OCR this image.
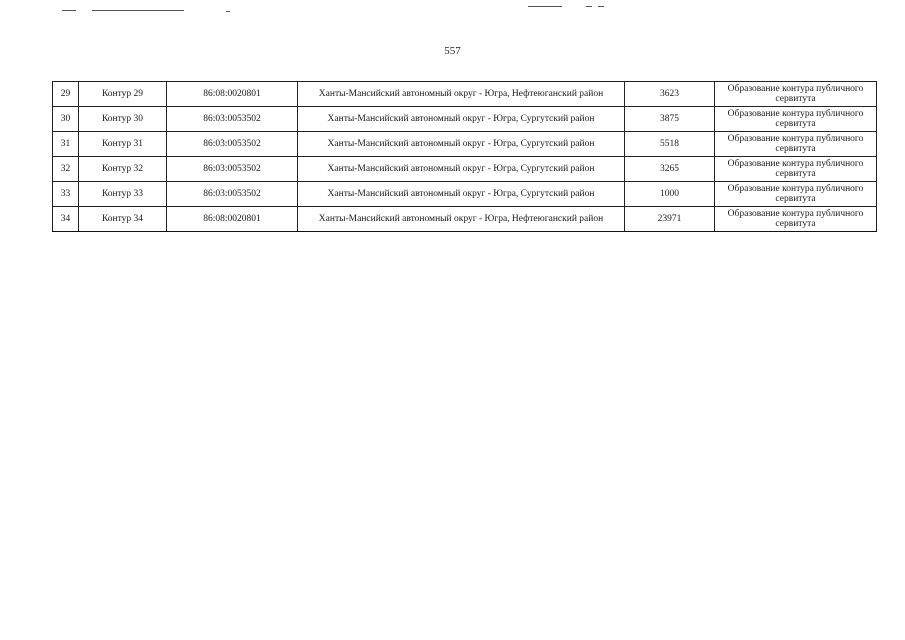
557
29	Контур 29	86:08:0020801	Ханты-Мансийский автономный округ - Югра, Нефтеюганский район	3623	Образование контура публичного сервитута
30	Контур 30	86:03:0053502	Ханты-Мансийский автономный округ - Югра, Сургутский район	3875	Образование контура публичного сервитута
31	Контур 31	86:03:0053502	Ханты-Мансийский автономный округ - Югра, Сургутский район	5518	Образование контура публичного сервитута
32	Контур 32	86:03:0053502	Ханты-Мансийский автономный округ - Югра, Сургутский район	3265	Образование контура публичного сервитута
33	Контур 33	86:03:0053502	Ханты-Мансийский автономный округ - Югра, Сургутский район	1000	Образование контура публичного сервитута
34	Контур 34	86:08:0020801	Ханты-Мансийский автономный округ - Югра, Нефтеюганский район	23971	Образование контура публичного сервитута
